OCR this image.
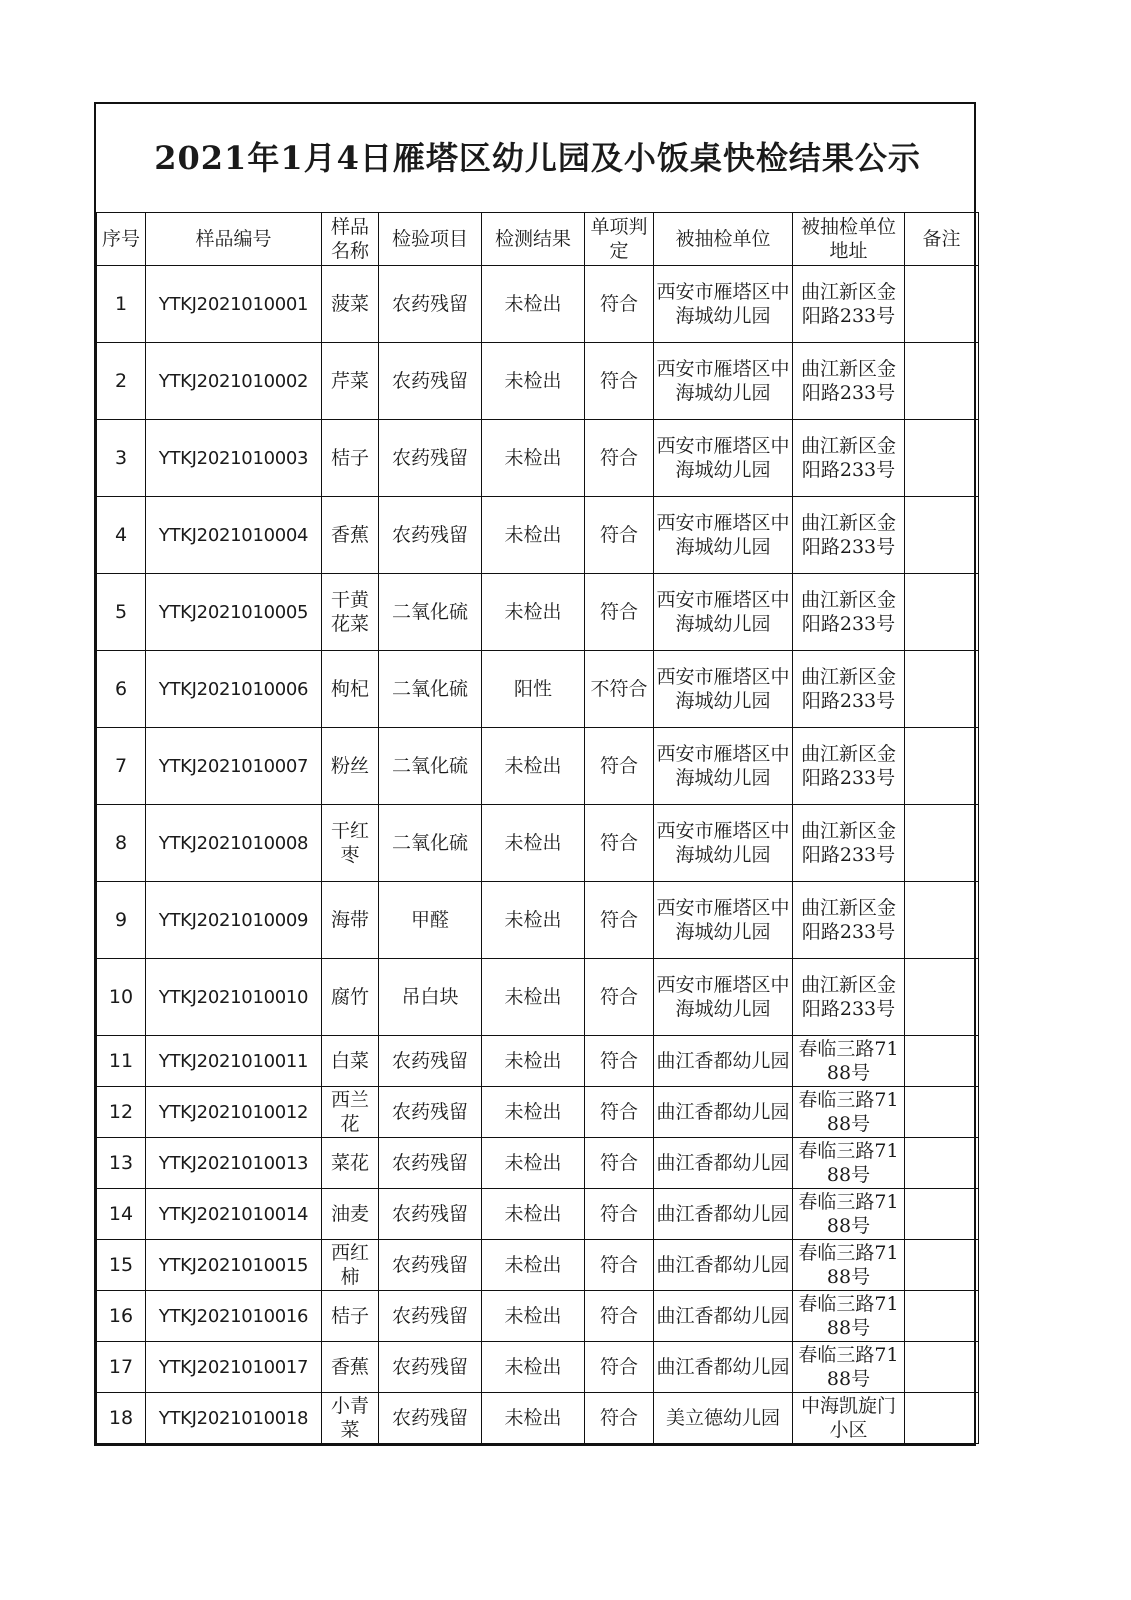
2021年1月4日雁塔区幼儿园及小饭桌快检结果公示								
序号	样品编号	样品名称	检验项目	检测结果	单项判定	被抽检单位	被抽检单位地址	备注
1	YTKJ2021010001	菠菜	农药残留	未检出	符合	西安市雁塔区中海城幼儿园	曲江新区金阳路233号	
2	YTKJ2021010002	芹菜	农药残留	未检出	符合	西安市雁塔区中海城幼儿园	曲江新区金阳路233号	
3	YTKJ2021010003	桔子	农药残留	未检出	符合	西安市雁塔区中海城幼儿园	曲江新区金阳路233号	
4	YTKJ2021010004	香蕉	农药残留	未检出	符合	西安市雁塔区中海城幼儿园	曲江新区金阳路233号	
5	YTKJ2021010005	干黄花菜	二氧化硫	未检出	符合	西安市雁塔区中海城幼儿园	曲江新区金阳路233号	
6	YTKJ2021010006	枸杞	二氧化硫	阳性	不符合	西安市雁塔区中海城幼儿园	曲江新区金阳路233号	
7	YTKJ2021010007	粉丝	二氧化硫	未检出	符合	西安市雁塔区中海城幼儿园	曲江新区金阳路233号	
8	YTKJ2021010008	干红枣	二氧化硫	未检出	符合	西安市雁塔区中海城幼儿园	曲江新区金阳路233号	
9	YTKJ2021010009	海带	甲醛	未检出	符合	西安市雁塔区中海城幼儿园	曲江新区金阳路233号	
10	YTKJ2021010010	腐竹	吊白块	未检出	符合	西安市雁塔区中海城幼儿园	曲江新区金阳路233号	
11	YTKJ2021010011	白菜	农药残留	未检出	符合	曲江香都幼儿园	春临三路7188号	
12	YTKJ2021010012	西兰花	农药残留	未检出	符合	曲江香都幼儿园	春临三路7188号	
13	YTKJ2021010013	菜花	农药残留	未检出	符合	曲江香都幼儿园	春临三路7188号	
14	YTKJ2021010014	油麦	农药残留	未检出	符合	曲江香都幼儿园	春临三路7188号	
15	YTKJ2021010015	西红柿	农药残留	未检出	符合	曲江香都幼儿园	春临三路7188号	
16	YTKJ2021010016	桔子	农药残留	未检出	符合	曲江香都幼儿园	春临三路7188号	
17	YTKJ2021010017	香蕉	农药残留	未检出	符合	曲江香都幼儿园	春临三路7188号	
18	YTKJ2021010018	小青菜	农药残留	未检出	符合	美立德幼儿园	中海凯旋门小区	
